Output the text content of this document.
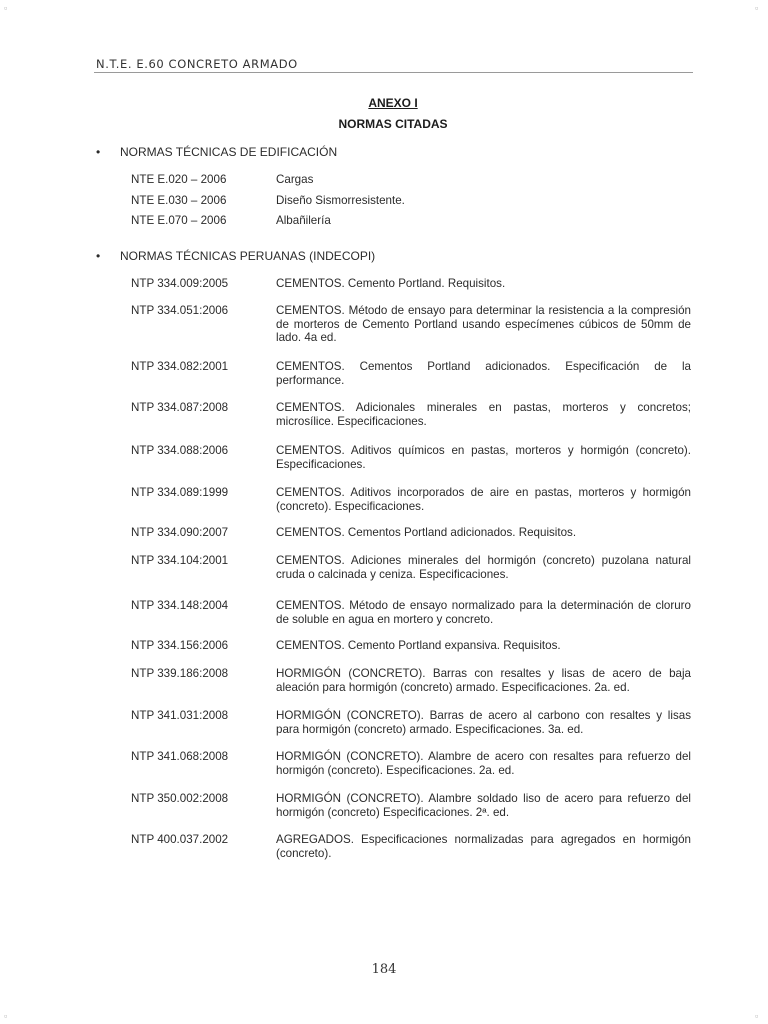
▫	▫
▫	▫
N.T.E. E.60 CONCRETO ARMADO
ANEXO I
NORMAS CITADAS
• NORMAS TÉCNICAS DE EDIFICACIÓN
NTE E.020 – 2006	Cargas
NTE E.030 – 2006	Diseño Sismorresistente.
NTE E.070 – 2006	Albañilería
• NORMAS TÉCNICAS PERUANAS (INDECOPI)
NTP 334.009:2005	CEMENTOS. Cemento Portland. Requisitos.
NTP 334.051:2006	CEMENTOS. Método de ensayo para determinar la resistencia a la compresión de morteros de Cemento Portland usando especímenes cúbicos de 50mm de lado. 4a ed.
NTP 334.082:2001	CEMENTOS. Cementos Portland adicionados. Especificación de la performance.
NTP 334.087:2008	CEMENTOS. Adicionales minerales en pastas, morteros y concretos; microsílice. Especificaciones.
NTP 334.088:2006	CEMENTOS. Aditivos químicos en pastas, morteros y hormigón (concreto). Especificaciones.
NTP 334.089:1999	CEMENTOS. Aditivos incorporados de aire en pastas, morteros y hormigón (concreto). Especificaciones.
NTP 334.090:2007	CEMENTOS. Cementos Portland adicionados. Requisitos.
NTP 334.104:2001	CEMENTOS. Adiciones minerales del hormigón (concreto) puzolana natural cruda o calcinada y ceniza. Especificaciones.
NTP 334.148:2004	CEMENTOS. Método de ensayo normalizado para la determinación de cloruro de soluble en agua en mortero y concreto.
NTP 334.156:2006	CEMENTOS. Cemento Portland expansiva. Requisitos.
NTP 339.186:2008	HORMIGÓN (CONCRETO). Barras con resaltes y lisas de acero de baja aleación para hormigón (concreto) armado. Especificaciones. 2a. ed.
NTP 341.031:2008	HORMIGÓN (CONCRETO). Barras de acero al carbono con resaltes y lisas para hormigón (concreto) armado. Especificaciones. 3a. ed.
NTP 341.068:2008	HORMIGÓN (CONCRETO). Alambre de acero con resaltes para refuerzo del hormigón (concreto). Especificaciones. 2a. ed.
NTP 350.002:2008	HORMIGÓN (CONCRETO). Alambre soldado liso de acero para refuerzo del hormigón (concreto) Especificaciones. 2ª. ed.
NTP 400.037.2002	AGREGADOS. Especificaciones normalizadas para agregados en hormigón (concreto).
184
